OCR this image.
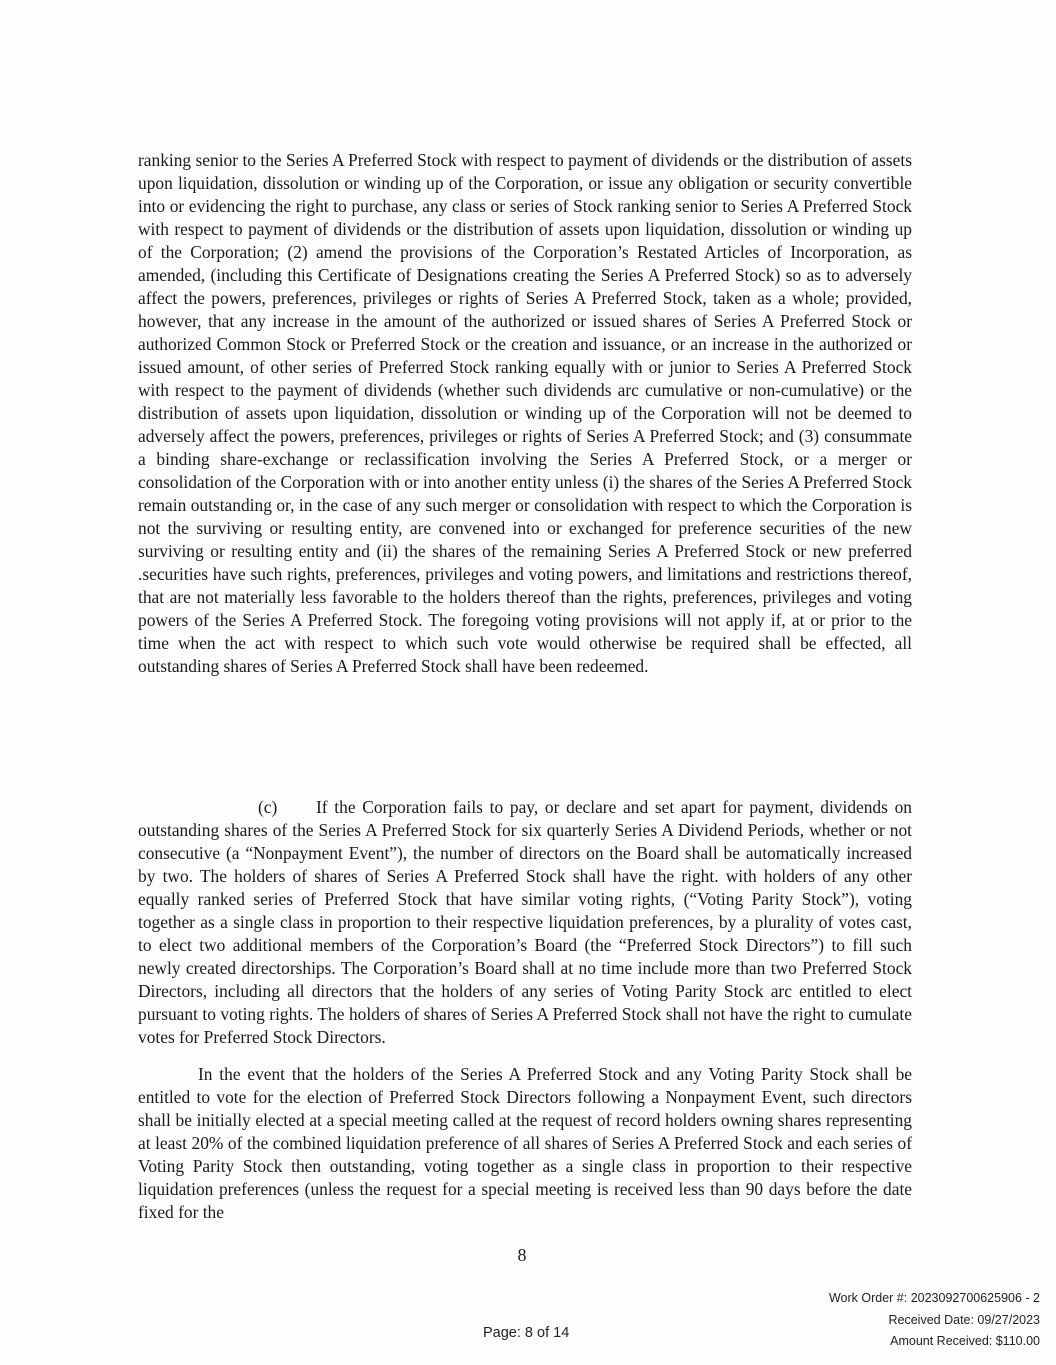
ranking senior to the Series A Preferred Stock with respect to payment of dividends or the distribution of assets upon liquidation, dissolution or winding up of the Corporation, or issue any obligation or security convertible into or evidencing the right to purchase, any class or series of Stock ranking senior to Series A Preferred Stock with respect to payment of dividends or the distribution of assets upon liquidation, dissolution or winding up of the Corporation; (2) amend the provisions of the Corporation’s Restated Articles of Incorporation, as amended, (including this Certificate of Designations creating the Series A Preferred Stock) so as to adversely affect the powers, preferences, privileges or rights of Series A Preferred Stock, taken as a whole; provided, however, that any increase in the amount of the authorized or issued shares of Series A Preferred Stock or authorized Common Stock or Preferred Stock or the creation and issuance, or an increase in the authorized or issued amount, of other series of Preferred Stock ranking equally with or junior to Series A Preferred Stock with respect to the payment of dividends (whether such dividends arc cumulative or non-cumulative) or the distribution of assets upon liquidation, dissolution or winding up of the Corporation will not be deemed to adversely affect the powers, preferences, privileges or rights of Series A Preferred Stock; and (3) consummate a binding share-exchange or reclassification involving the Series A Preferred Stock, or a merger or consolidation of the Corporation with or into another entity unless (i) the shares of the Series A Preferred Stock remain outstanding or, in the case of any such merger or consolidation with respect to which the Corporation is not the surviving or resulting entity, are convened into or exchanged for preference securities of the new surviving or resulting entity and (ii) the shares of the remaining Series A Preferred Stock or new preferred .securities have such rights, preferences, privileges and voting powers, and limitations and restrictions thereof, that are not materially less favorable to the holders thereof than the rights, preferences, privileges and voting powers of the Series A Preferred Stock. The foregoing voting provisions will not apply if, at or prior to the time when the act with respect to which such vote would otherwise be required shall be effected, all outstanding shares of Series A Preferred Stock shall have been redeemed.

(c) If the Corporation fails to pay, or declare and set apart for payment, dividends on outstanding shares of the Series A Preferred Stock for six quarterly Series A Dividend Periods, whether or not consecutive (a “Nonpayment Event”), the number of directors on the Board shall be automatically increased by two. The holders of shares of Series A Preferred Stock shall have the right. with holders of any other equally ranked series of Preferred Stock that have similar voting rights, (“Voting Parity Stock”), voting together as a single class in proportion to their respective liquidation preferences, by a plurality of votes cast, to elect two additional members of the Corporation’s Board (the “Preferred Stock Directors”) to fill such newly created directorships. The Corporation’s Board shall at no time include more than two Preferred Stock Directors, including all directors that the holders of any series of Voting Parity Stock arc entitled to elect pursuant to voting rights. The holders of shares of Series A Preferred Stock shall not have the right to cumulate votes for Preferred Stock Directors.

In the event that the holders of the Series A Preferred Stock and any Voting Parity Stock shall be entitled to vote for the election of Preferred Stock Directors following a Nonpayment Event, such directors shall be initially elected at a special meeting called at the request of record holders owning shares representing at least 20% of the combined liquidation preference of all shares of Series A Preferred Stock and each series of Voting Parity Stock then outstanding, voting together as a single class in proportion to their respective liquidation preferences (unless the request for a special meeting is received less than 90 days before the date fixed for the

8
Page: 8 of 14
Work Order #: 2023092700625906 - 2
Received Date: 09/27/2023
Amount Received: $110.00
